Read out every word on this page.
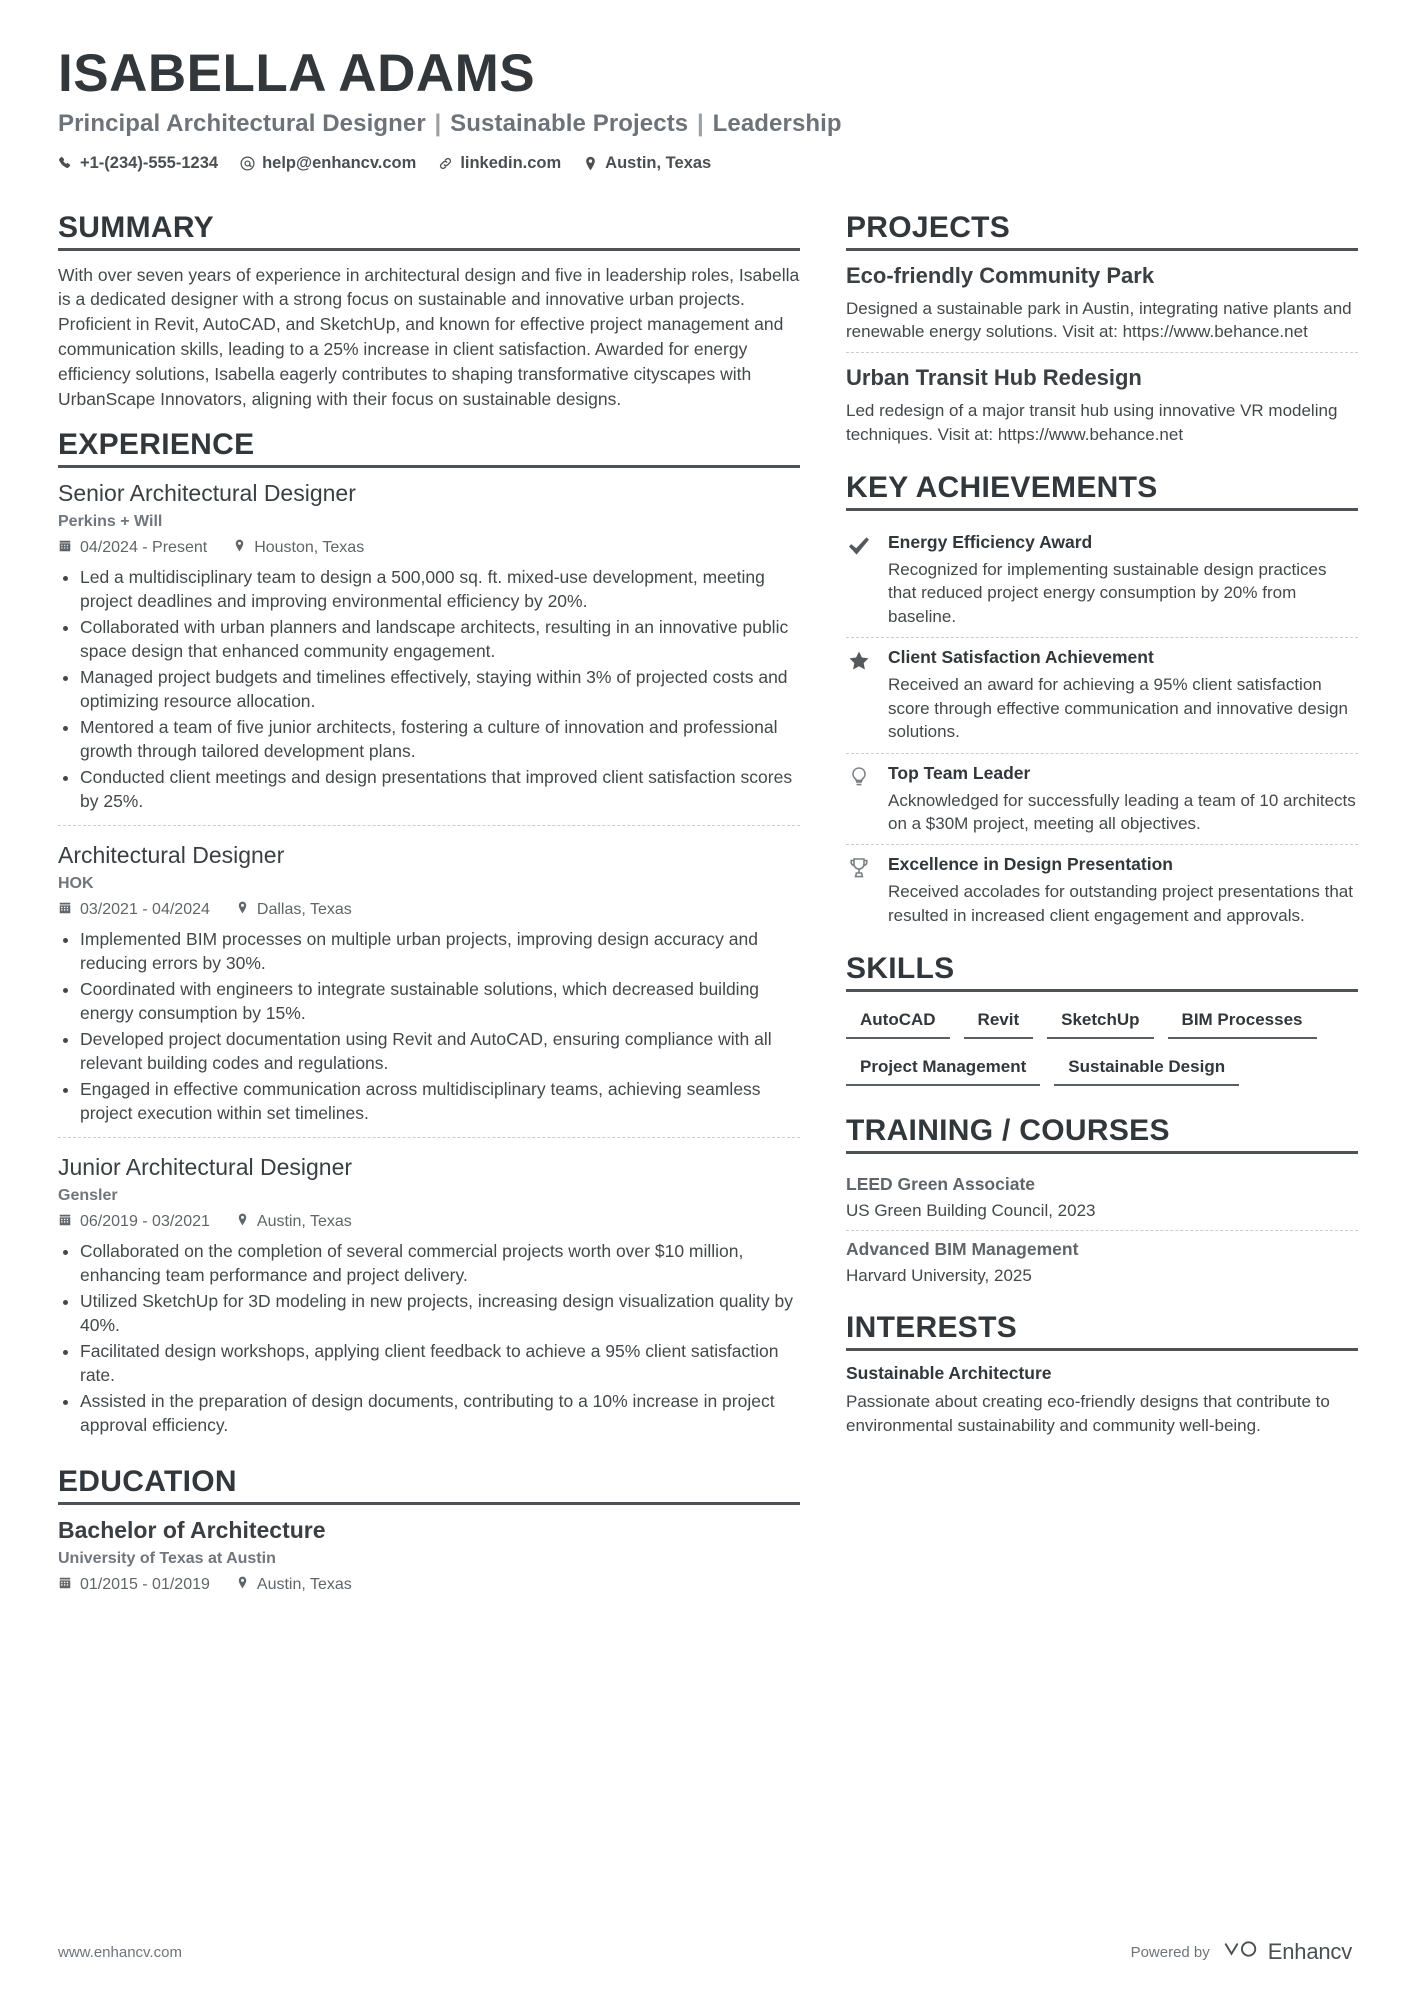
ISABELLA ADAMS
Principal Architectural Designer | Sustainable Projects | Leadership
+1-(234)-555-1234	help@enhancv.com	linkedin.com	Austin, Texas
SUMMARY

With over seven years of experience in architectural design and five in leadership roles, Isabella is a dedicated designer with a strong focus on sustainable and innovative urban projects. Proficient in Revit, AutoCAD, and SketchUp, and known for effective project management and communication skills, leading to a 25% increase in client satisfaction. Awarded for energy efficiency solutions, Isabella eagerly contributes to shaping transformative cityscapes with UrbanScape Innovators, aligning with their focus on sustainable designs.

EXPERIENCE
Senior Architectural Designer
Perkins + Will
04/2024 - Present	Houston, Texas
• Led a multidisciplinary team to design a 500,000 sq. ft. mixed-use development, meeting project deadlines and improving environmental efficiency by 20%.
• Collaborated with urban planners and landscape architects, resulting in an innovative public space design that enhanced community engagement.
• Managed project budgets and timelines effectively, staying within 3% of projected costs and optimizing resource allocation.
• Mentored a team of five junior architects, fostering a culture of innovation and professional growth through tailored development plans.
• Conducted client meetings and design presentations that improved client satisfaction scores by 25%.
Architectural Designer
HOK
03/2021 - 04/2024	Dallas, Texas
• Implemented BIM processes on multiple urban projects, improving design accuracy and reducing errors by 30%.
• Coordinated with engineers to integrate sustainable solutions, which decreased building energy consumption by 15%.
• Developed project documentation using Revit and AutoCAD, ensuring compliance with all relevant building codes and regulations.
• Engaged in effective communication across multidisciplinary teams, achieving seamless project execution within set timelines.
Junior Architectural Designer
Gensler
06/2019 - 03/2021	Austin, Texas
• Collaborated on the completion of several commercial projects worth over $10 million, enhancing team performance and project delivery.
• Utilized SketchUp for 3D modeling in new projects, increasing design visualization quality by 40%.
• Facilitated design workshops, applying client feedback to achieve a 95% client satisfaction rate.
• Assisted in the preparation of design documents, contributing to a 10% increase in project approval efficiency.
EDUCATION
Bachelor of Architecture
University of Texas at Austin
01/2015 - 01/2019	Austin, Texas
PROJECTS
Eco-friendly Community Park
Designed a sustainable park in Austin, integrating native plants and renewable energy solutions. Visit at: https://www.behance.net
Urban Transit Hub Redesign
Led redesign of a major transit hub using innovative VR modeling techniques. Visit at: https://www.behance.net
KEY ACHIEVEMENTS
Energy Efficiency Award
Recognized for implementing sustainable design practices that reduced project energy consumption by 20% from baseline.
Client Satisfaction Achievement
Received an award for achieving a 95% client satisfaction score through effective communication and innovative design solutions.
Top Team Leader
Acknowledged for successfully leading a team of 10 architects on a $30M project, meeting all objectives.
Excellence in Design Presentation
Received accolades for outstanding project presentations that resulted in increased client engagement and approvals.
SKILLS
AutoCAD	Revit	SketchUp	BIM Processes
Project Management	Sustainable Design
TRAINING / COURSES
LEED Green Associate
US Green Building Council, 2023
Advanced BIM Management
Harvard University, 2025
INTERESTS
Sustainable Architecture
Passionate about creating eco-friendly designs that contribute to environmental sustainability and community well-being.
www.enhancv.com	Powered by	Enhancv
